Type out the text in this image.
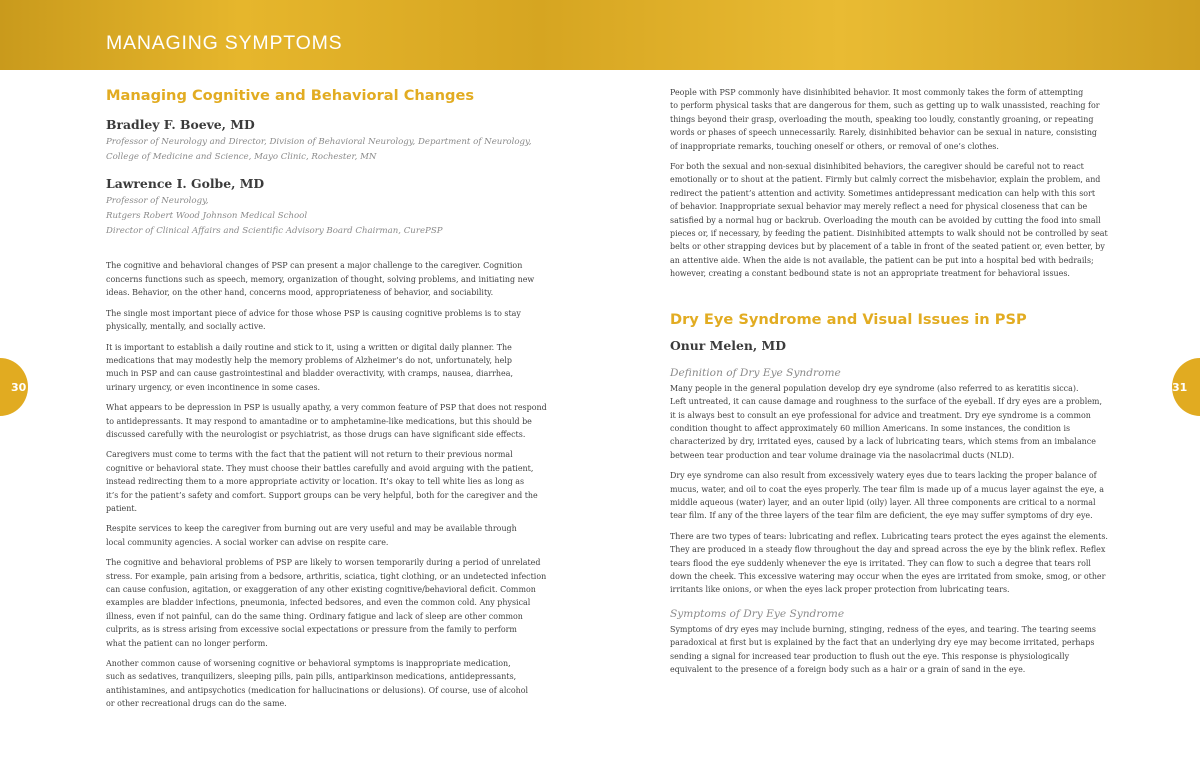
MANAGING SYMPTOMS
30	31
Managing Cognitive and Behavioral Changes
Bradley F. Boeve, MD
Professor of Neurology and Director, Division of Behavioral Neurology, Department of Neurology,
College of Medicine and Science, Mayo Clinic, Rochester, MN
Lawrence I. Golbe, MD
Professor of Neurology,
Rutgers Robert Wood Johnson Medical School
Director of Clinical Affairs and Scientific Advisory Board Chairman, CurePSP

The cognitive and behavioral changes of PSP can present a major challenge to the caregiver. Cognition
concerns functions such as speech, memory, organization of thought, solving problems, and initiating new
ideas. Behavior, on the other hand, concerns mood, appropriateness of behavior, and sociability.

The single most important piece of advice for those whose PSP is causing cognitive problems is to stay
physically, mentally, and socially active.

It is important to establish a daily routine and stick to it, using a written or digital daily planner. The
medications that may modestly help the memory problems of Alzheimer’s do not, unfortunately, help
much in PSP and can cause gastrointestinal and bladder overactivity, with cramps, nausea, diarrhea,
urinary urgency, or even incontinence in some cases.

What appears to be depression in PSP is usually apathy, a very common feature of PSP that does not respond
to antidepressants. It may respond to amantadine or to amphetamine-like medications, but this should be
discussed carefully with the neurologist or psychiatrist, as those drugs can have significant side effects.

Caregivers must come to terms with the fact that the patient will not return to their previous normal
cognitive or behavioral state. They must choose their battles carefully and avoid arguing with the patient,
instead redirecting them to a more appropriate activity or location. It’s okay to tell white lies as long as
it’s for the patient’s safety and comfort. Support groups can be very helpful, both for the caregiver and the
patient.

Respite services to keep the caregiver from burning out are very useful and may be available through
local community agencies. A social worker can advise on respite care.

The cognitive and behavioral problems of PSP are likely to worsen temporarily during a period of unrelated
stress. For example, pain arising from a bedsore, arthritis, sciatica, tight clothing, or an undetected infection
can cause confusion, agitation, or exaggeration of any other existing cognitive/behavioral deficit. Common
examples are bladder infections, pneumonia, infected bedsores, and even the common cold. Any physical
illness, even if not painful, can do the same thing. Ordinary fatigue and lack of sleep are other common
culprits, as is stress arising from excessive social expectations or pressure from the family to perform
what the patient can no longer perform.

Another common cause of worsening cognitive or behavioral symptoms is inappropriate medication,
such as sedatives, tranquilizers, sleeping pills, pain pills, antiparkinson medications, antidepressants,
antihistamines, and antipsychotics (medication for hallucinations or delusions). Of course, use of alcohol
or other recreational drugs can do the same.

People with PSP commonly have disinhibited behavior. It most commonly takes the form of attempting
to perform physical tasks that are dangerous for them, such as getting up to walk unassisted, reaching for
things beyond their grasp, overloading the mouth, speaking too loudly, constantly groaning, or repeating
words or phases of speech unnecessarily. Rarely, disinhibited behavior can be sexual in nature, consisting
of inappropriate remarks, touching oneself or others, or removal of one’s clothes.

For both the sexual and non-sexual disinhibited behaviors, the caregiver should be careful not to react
emotionally or to shout at the patient. Firmly but calmly correct the misbehavior, explain the problem, and
redirect the patient’s attention and activity. Sometimes antidepressant medication can help with this sort
of behavior. Inappropriate sexual behavior may merely reflect a need for physical closeness that can be
satisfied by a normal hug or backrub. Overloading the mouth can be avoided by cutting the food into small
pieces or, if necessary, by feeding the patient. Disinhibited attempts to walk should not be controlled by seat
belts or other strapping devices but by placement of a table in front of the seated patient or, even better, by
an attentive aide. When the aide is not available, the patient can be put into a hospital bed with bedrails;
however, creating a constant bedbound state is not an appropriate treatment for behavioral issues.

Dry Eye Syndrome and Visual Issues in PSP
Onur Melen, MD
Definition of Dry Eye Syndrome

Many people in the general population develop dry eye syndrome (also referred to as keratitis sicca).
Left untreated, it can cause damage and roughness to the surface of the eyeball. If dry eyes are a problem,
it is always best to consult an eye professional for advice and treatment. Dry eye syndrome is a common
condition thought to affect approximately 60 million Americans. In some instances, the condition is
characterized by dry, irritated eyes, caused by a lack of lubricating tears, which stems from an imbalance
between tear production and tear volume drainage via the nasolacrimal ducts (NLD).

Dry eye syndrome can also result from excessively watery eyes due to tears lacking the proper balance of
mucus, water, and oil to coat the eyes properly. The tear film is made up of a mucus layer against the eye, a
middle aqueous (water) layer, and an outer lipid (oily) layer. All three components are critical to a normal
tear film. If any of the three layers of the tear film are deficient, the eye may suffer symptoms of dry eye.

There are two types of tears: lubricating and reflex. Lubricating tears protect the eyes against the elements.
They are produced in a steady flow throughout the day and spread across the eye by the blink reflex. Reflex
tears flood the eye suddenly whenever the eye is irritated. They can flow to such a degree that tears roll
down the cheek. This excessive watering may occur when the eyes are irritated from smoke, smog, or other
irritants like onions, or when the eyes lack proper protection from lubricating tears.

Symptoms of Dry Eye Syndrome

Symptoms of dry eyes may include burning, stinging, redness of the eyes, and tearing. The tearing seems
paradoxical at first but is explained by the fact that an underlying dry eye may become irritated, perhaps
sending a signal for increased tear production to flush out the eye. This response is physiologically
equivalent to the presence of a foreign body such as a hair or a grain of sand in the eye.
